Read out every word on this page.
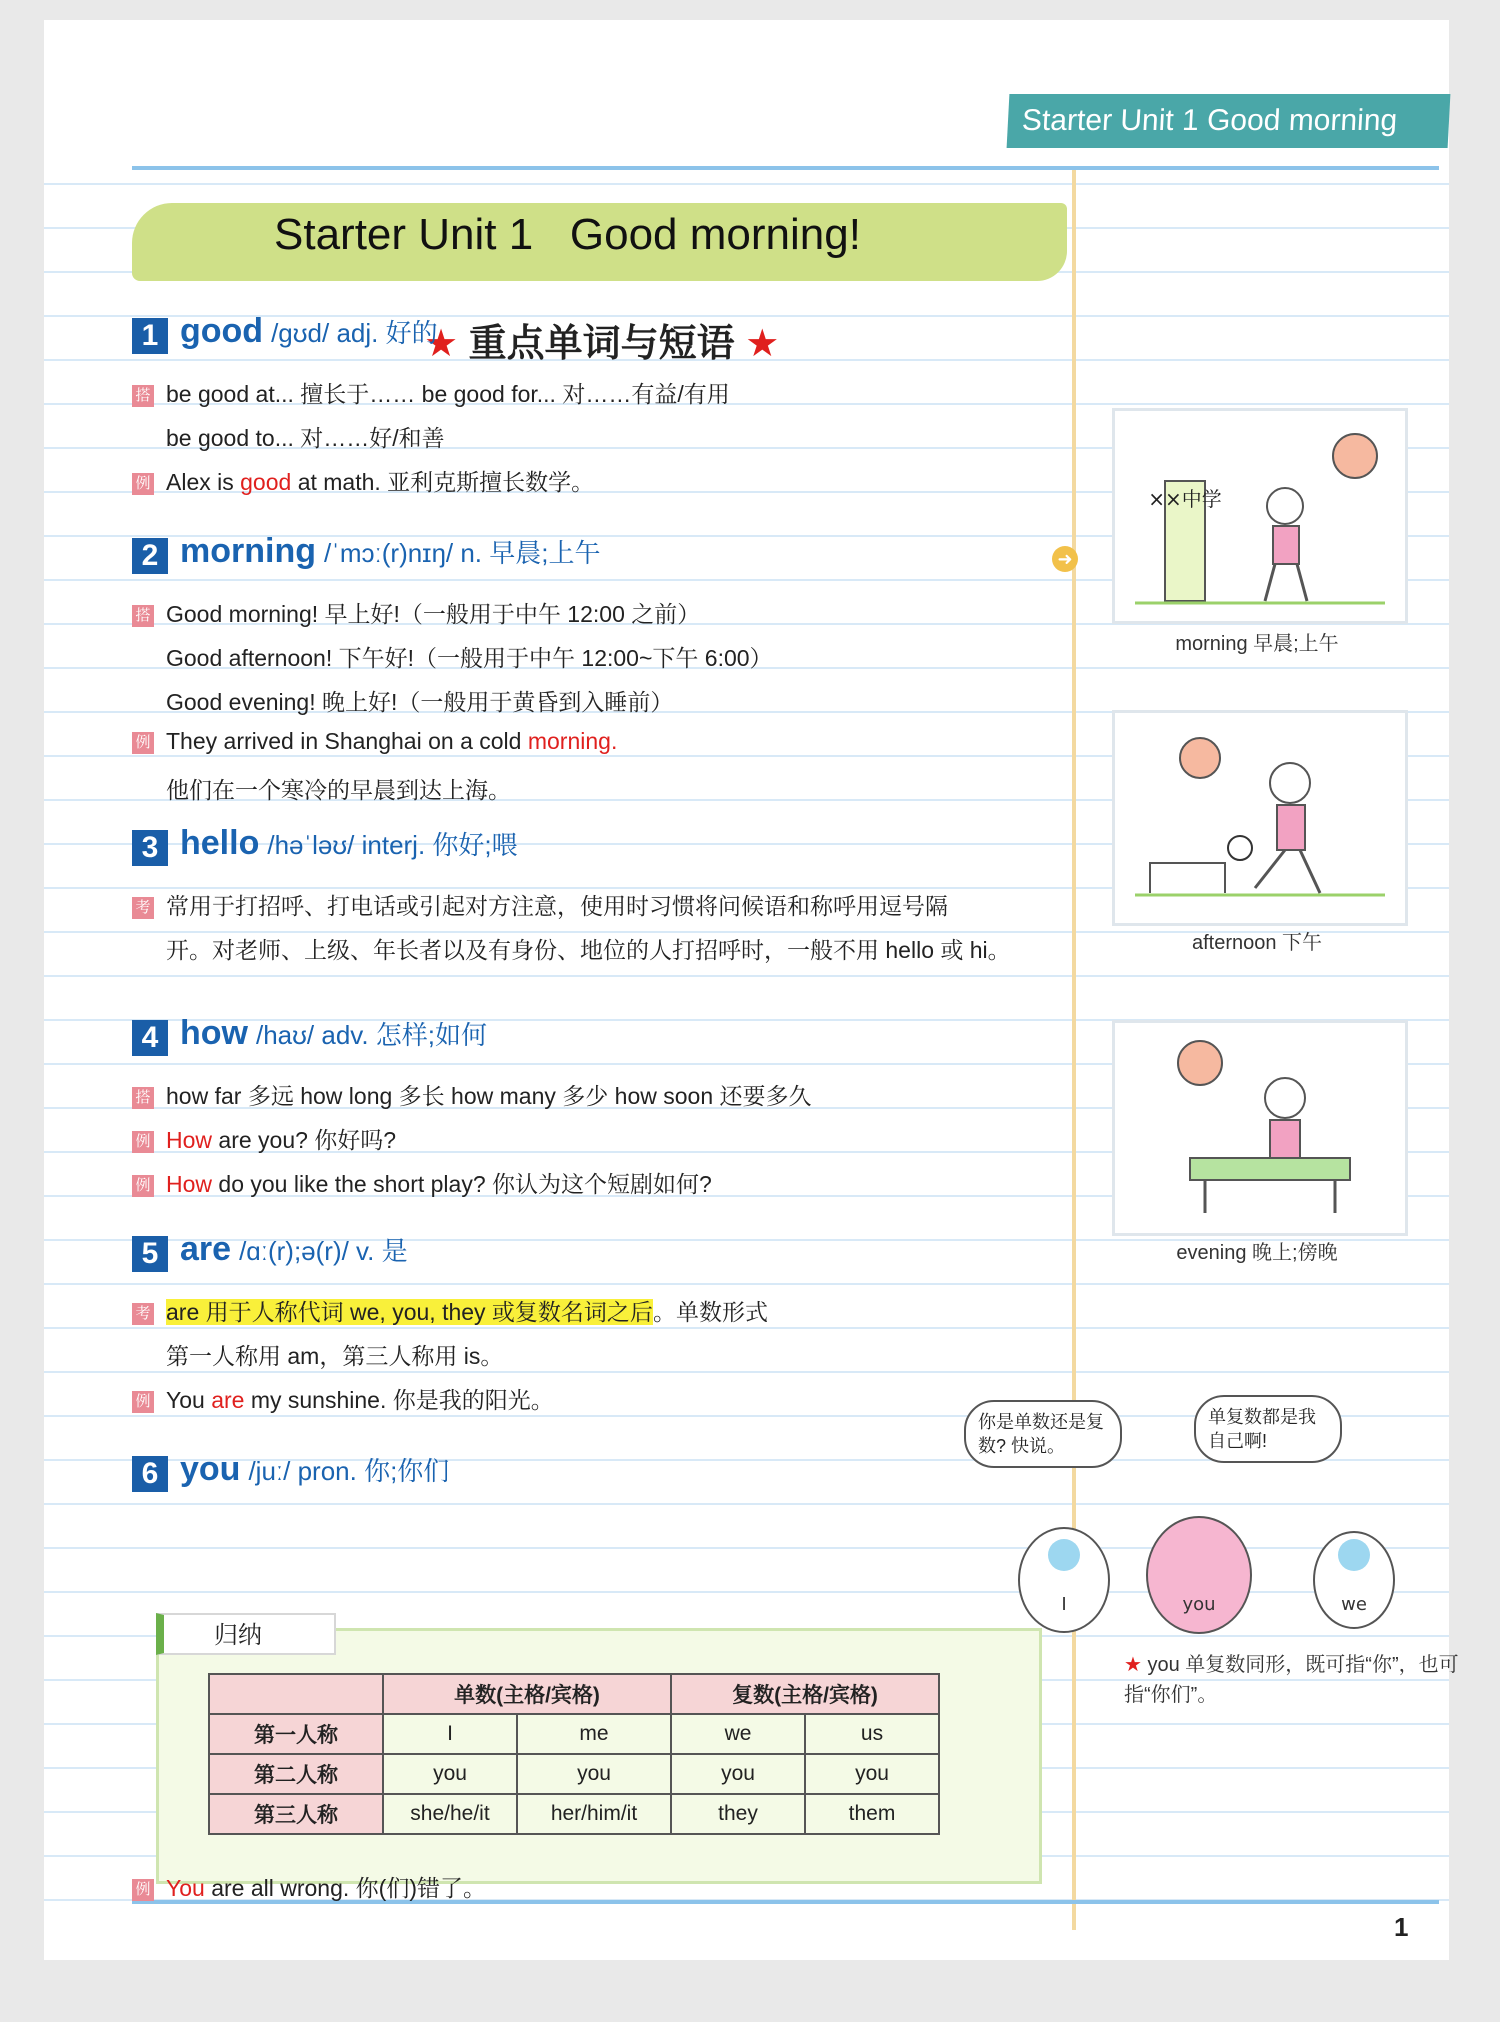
Starter Unit 1 Good morning
1
Starter Unit 1   Good morning!
★ 重点单词与短语 ★
1 good /ɡʊd/ adj. 好的
搭 be good at... 擅长于…… be good for... 对……有益/有用
be good to... 对……好/和善
例 Alex is good at math. 亚利克斯擅长数学。
2 morning /ˈmɔː(r)nɪŋ/ n. 早晨;上午	➜
搭 Good morning! 早上好!（一般用于中午 12:00 之前）
Good afternoon! 下午好!（一般用于中午 12:00~下午 6:00）
Good evening! 晚上好!（一般用于黄昏到入睡前）
例 They arrived in Shanghai on a cold morning.
他们在一个寒冷的早晨到达上海。
3 hello /həˈləʊ/ interj. 你好;喂
考 常用于打招呼、打电话或引起对方注意，使用时习惯将问候语和称呼用逗号隔
开。对老师、上级、年长者以及有身份、地位的人打招呼时，一般不用 hello 或 hi。
4 how /haʊ/ adv. 怎样;如何
搭 how far 多远 how long 多长 how many 多少 how soon 还要多久
例 How are you? 你好吗?
例 How do you like the short play? 你认为这个短剧如何?
5 are /ɑː(r);ə(r)/ v. 是
考 are 用于人称代词 we, you, they 或复数名词之后。单数形式
第一人称用 am，第三人称用 is。
例 You are my sunshine. 你是我的阳光。
6 you /juː/ pron. 你;你们
归纳
	单数(主格/宾格)		复数(主格/宾格)	
第一人称	I	me	we	us
第二人称	you	you	you	you
第三人称	she/he/it	her/him/it	they	them
例 You are all wrong. 你(们)错了。
★ you 单复数同形，既可指“你”，也可指“你们”。
××中学
morning 早晨;上午
afternoon 下午
evening 晚上;傍晚
你是单数还是复数? 快说。
单复数都是我自己啊!
I	you	we
